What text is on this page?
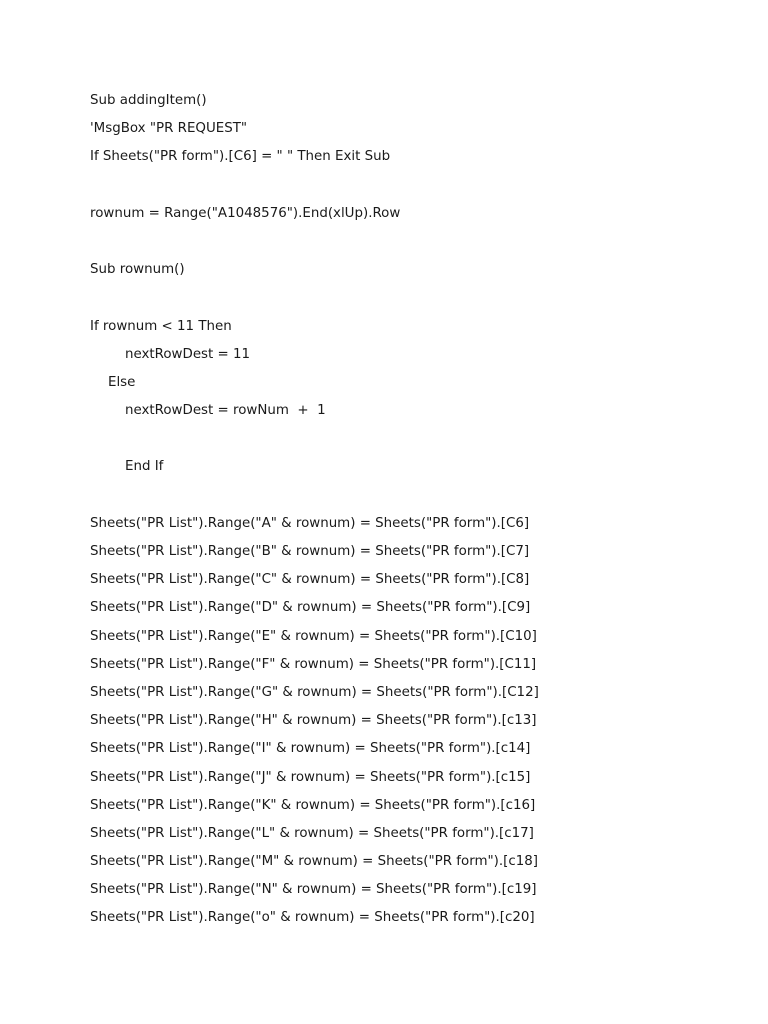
Sub addingItem()
'MsgBox "PR REQUEST"
If Sheets("PR form").[C6] = " " Then Exit Sub
rownum = Range("A1048576").End(xlUp).Row
Sub rownum()
If rownum < 11 Then
nextRowDest = 11
Else
nextRowDest = rowNum  +  1
End If
Sheets("PR List").Range("A" & rownum) = Sheets("PR form").[C6]
Sheets("PR List").Range("B" & rownum) = Sheets("PR form").[C7]
Sheets("PR List").Range("C" & rownum) = Sheets("PR form").[C8]
Sheets("PR List").Range("D" & rownum) = Sheets("PR form").[C9]
Sheets("PR List").Range("E" & rownum) = Sheets("PR form").[C10]
Sheets("PR List").Range("F" & rownum) = Sheets("PR form").[C11]
Sheets("PR List").Range("G" & rownum) = Sheets("PR form").[C12]
Sheets("PR List").Range("H" & rownum) = Sheets("PR form").[c13]
Sheets("PR List").Range("I" & rownum) = Sheets("PR form").[c14]
Sheets("PR List").Range("J" & rownum) = Sheets("PR form").[c15]
Sheets("PR List").Range("K" & rownum) = Sheets("PR form").[c16]
Sheets("PR List").Range("L" & rownum) = Sheets("PR form").[c17]
Sheets("PR List").Range("M" & rownum) = Sheets("PR form").[c18]
Sheets("PR List").Range("N" & rownum) = Sheets("PR form").[c19]
Sheets("PR List").Range("o" & rownum) = Sheets("PR form").[c20]
